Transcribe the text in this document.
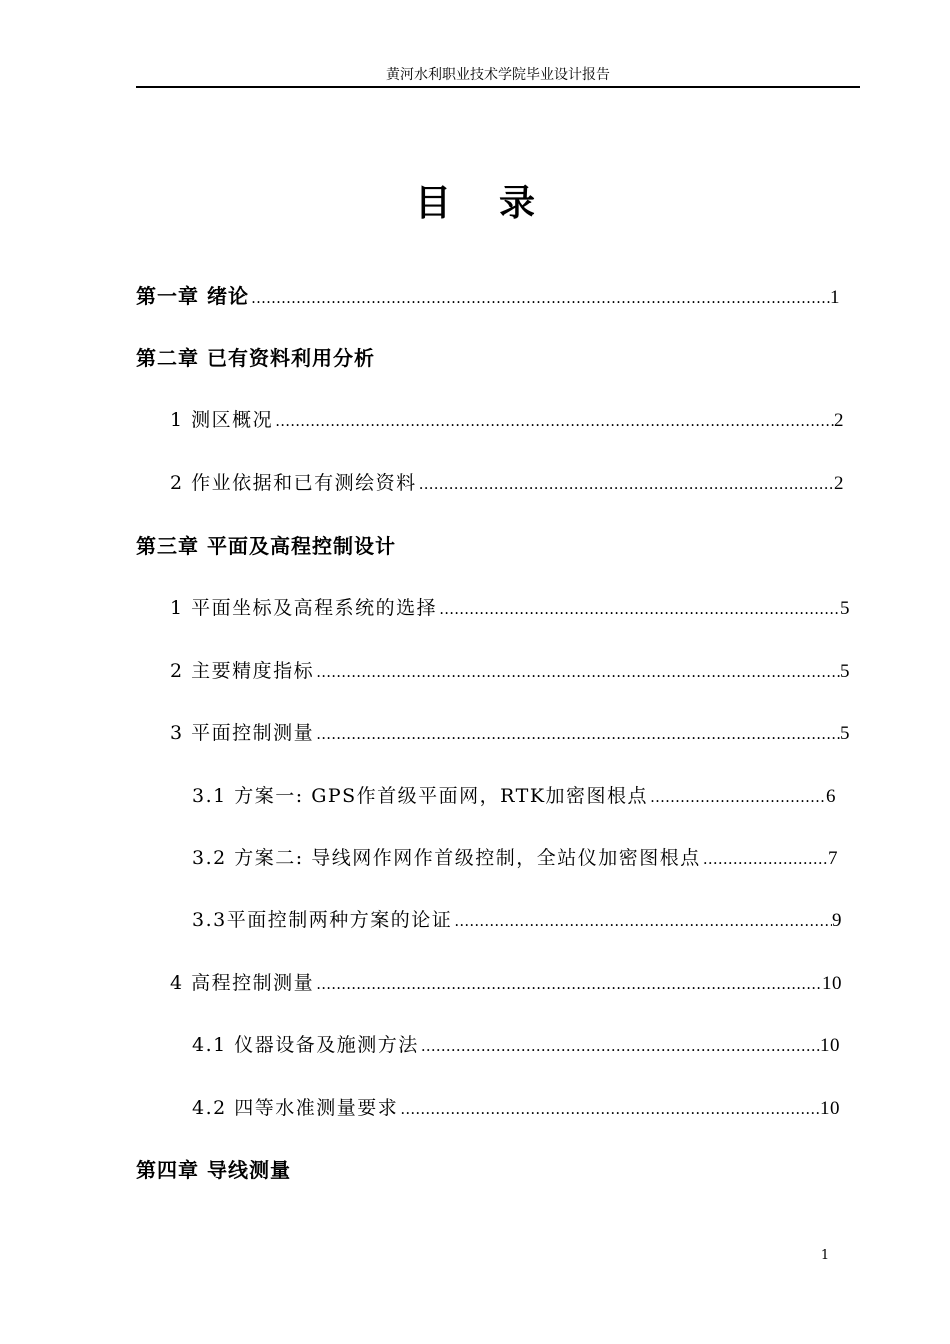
黄河水利职业技术学院毕业设计报告
目录
第一章 绪论 …………………………………………………………………………………………………………………………………………………………………………………………………………	1
第二章 已有资料利用分析
1 测区概况 …………………………………………………………………………………………………………………………………………………………………………………………………………	2
2 作业依据和已有测绘资料 …………………………………………………………………………………………………………………………………………………………………………………………………………	2
第三章 平面及高程控制设计
1 平面坐标及高程系统的选择 …………………………………………………………………………………………………………………………………………………………………………………………………………	5
2 主要精度指标 …………………………………………………………………………………………………………………………………………………………………………………………………………	5
3 平面控制测量 …………………………………………………………………………………………………………………………………………………………………………………………………………	5
3.1 方案一: GPS作首级平面网，RTK加密图根点 …………………………………………………………………………………………………………………………………………………………………………………………………………	6
3.2 方案二: 导线网作网作首级控制，全站仪加密图根点 …………………………………………………………………………………………………………………………………………………………………………………………………………	7
3.3平面控制两种方案的论证 …………………………………………………………………………………………………………………………………………………………………………………………………………	9
4 高程控制测量 …………………………………………………………………………………………………………………………………………………………………………………………………………	10
4.1 仪器设备及施测方法 …………………………………………………………………………………………………………………………………………………………………………………………………………	10
4.2 四等水准测量要求 …………………………………………………………………………………………………………………………………………………………………………………………………………	10
第四章 导线测量
1
